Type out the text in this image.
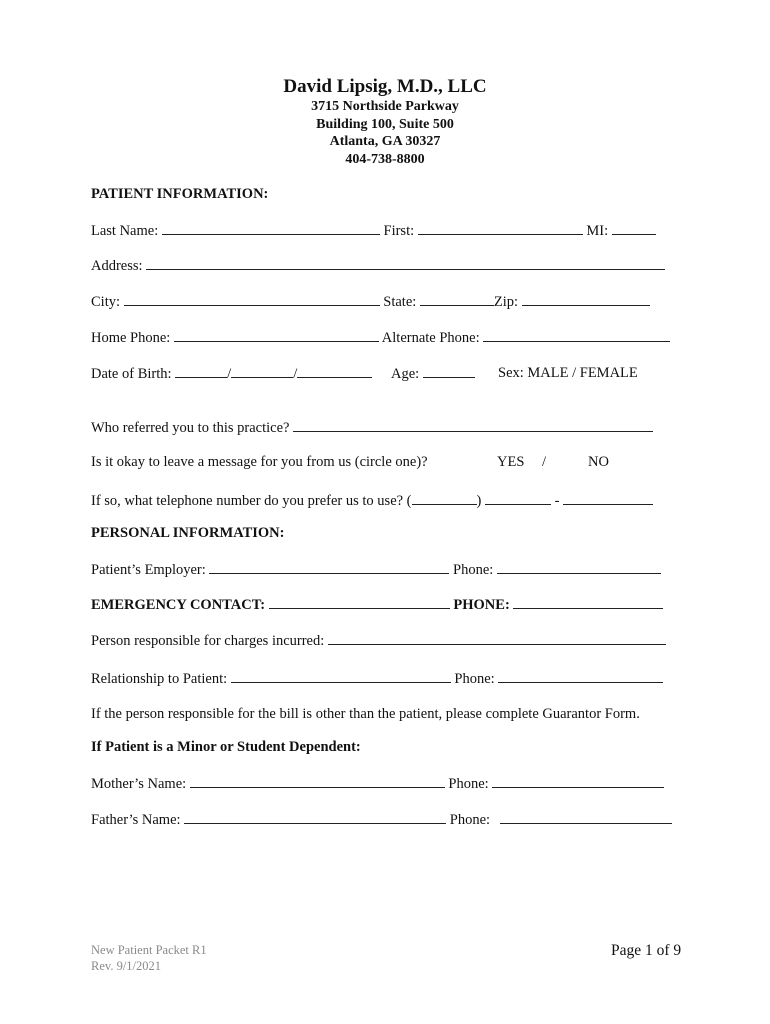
David Lipsig, M.D., LLC
3715 Northside Parkway
Building 100, Suite 500
Atlanta, GA 30327
404-738-8800
PATIENT INFORMATION:
Last Name:	First:	MI:
Address:
City:	State:	Zip:
Home Phone:	Alternate Phone:
Date of Birth:	/	/	Age:	Sex: MALE / FEMALE
Who referred you to this practice?
Is it okay to leave a message for you from us (circle one)?	YES /	NO
If so, what telephone number do you prefer us to use? (	)	-
PERSONAL INFORMATION:
Patient’s Employer:	Phone:
EMERGENCY CONTACT:	PHONE:
Person responsible for charges incurred:
Relationship to Patient:	Phone:
If the person responsible for the bill is other than the patient, please complete Guarantor Form.
If Patient is a Minor or Student Dependent:
Mother’s Name:	Phone:
Father’s Name:	Phone:
New Patient Packet R1
Rev. 9/1/2021
Page 1 of 9
